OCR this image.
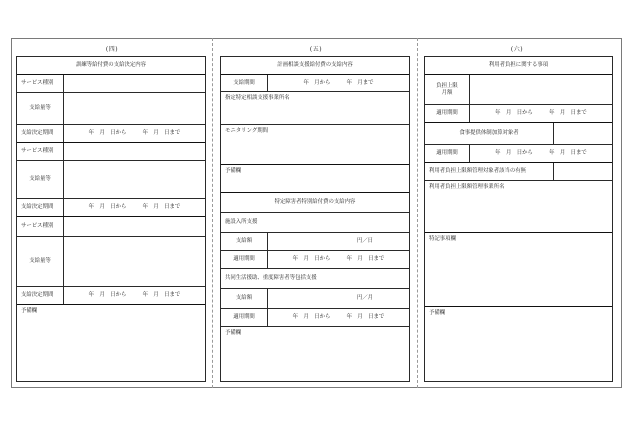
(四)	(五)	(六)
訓練等給付費の支給決定内容
サービス種別
支給量等
支給決定期間	年　月　日から　　　年　月　日まで
サービス種別
支給量等
支給決定期間	年　月　日から　　　年　月　日まで
サービス種別
支給量等
支給決定期間	年　月　日から　　　年　月　日まで
予備欄
計画相談支援給付費の支給内容
支給期間	年　月から　　　年　月まで
指定特定相談支援事業所名
モニタリング期間
予備欄
特定障害者特別給付費の支給内容
施設入所支援
支給額	円／日
適用期間	年　月　日から　　　年　月　日まで
共同生活援助、重度障害者等包括支援
支給額	円／月
適用期間	年　月　日から　　　年　月　日まで
予備欄
利用者負担に関する事項
負担上限
月額
適用期間	年　月　日から　　　年　月　日まで
食事提供体制加算対象者
適用期間	年　月　日から　　　年　月　日まで
利用者負担上限額管理対象者該当の有無
利用者負担上限額管理事業所名
特記事項欄
予備欄
